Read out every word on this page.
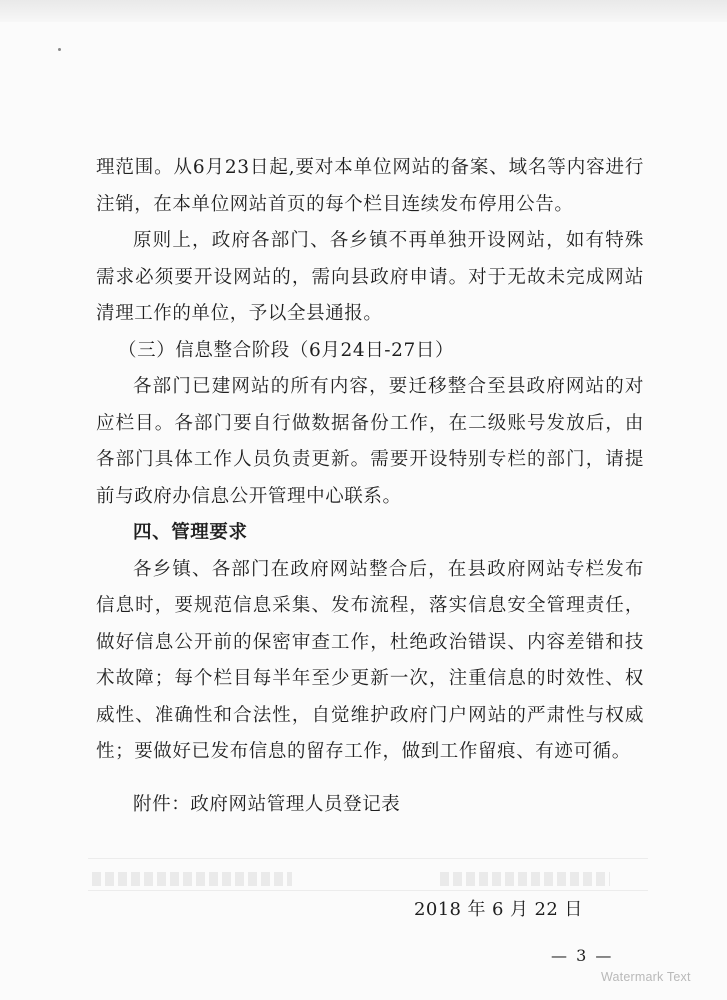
理范围。从6月23日起,要对本单位网站的备案、域名等内容进行注销，在本单位网站首页的每个栏目连续发布停用公告。

原则上，政府各部门、各乡镇不再单独开设网站，如有特殊需求必须要开设网站的，需向县政府申请。对于无故未完成网站清理工作的单位，予以全县通报。

（三）信息整合阶段（6月24日-27日）

各部门已建网站的所有内容，要迁移整合至县政府网站的对应栏目。各部门要自行做数据备份工作，在二级账号发放后，由各部门具体工作人员负责更新。需要开设特别专栏的部门，请提前与政府办信息公开管理中心联系。

四、管理要求

各乡镇、各部门在政府网站整合后，在县政府网站专栏发布信息时，要规范信息采集、发布流程，落实信息安全管理责任，做好信息公开前的保密审查工作，杜绝政治错误、内容差错和技术故障；每个栏目每半年至少更新一次，注重信息的时效性、权威性、准确性和合法性，自觉维护政府门户网站的严肃性与权威性；要做好已发布信息的留存工作，做到工作留痕、有迹可循。

附件：政府网站管理人员登记表
2018 年 6 月 22 日
— 3 —
Watermark Text
